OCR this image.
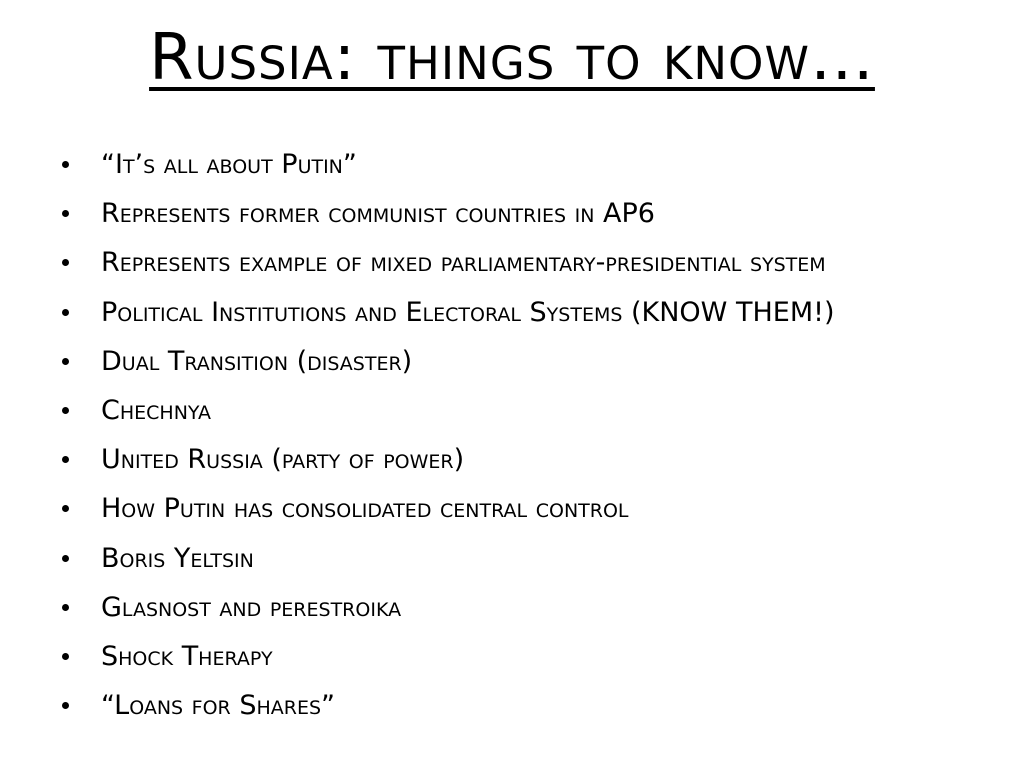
Russia: things to know…
“It’s all about Putin”
Represents former communist countries in AP6
Represents example of mixed parliamentary-presidential system
Political Institutions and Electoral Systems (KNOW THEM!)
Dual Transition (disaster)
Chechnya
United Russia (party of power)
How Putin has consolidated central control
Boris Yeltsin
Glasnost and perestroika
Shock Therapy
“Loans for Shares”
